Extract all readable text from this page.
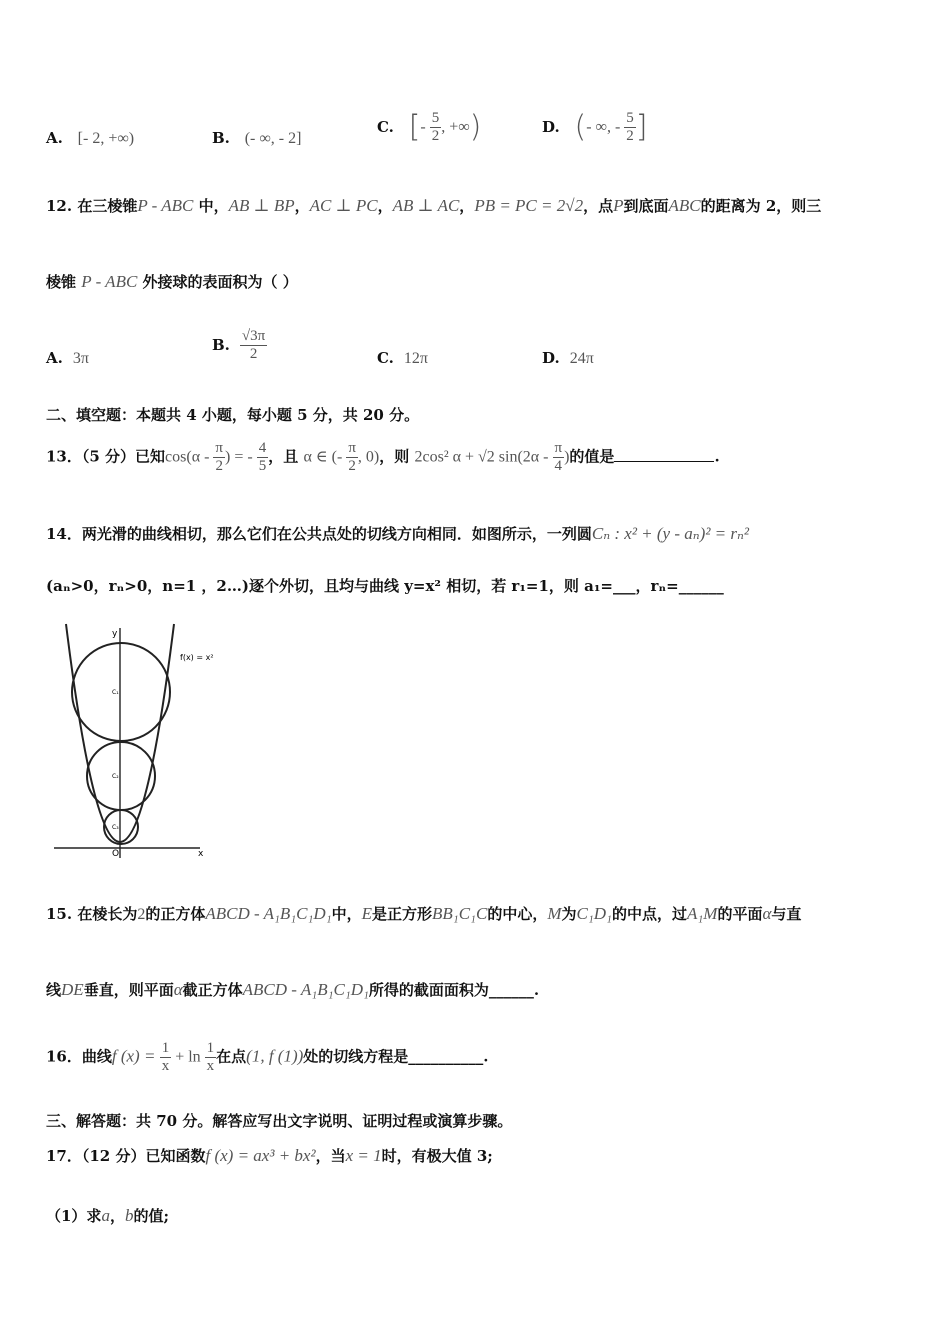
A. [- 2, +∞)	B. (- ∞, - 2]
C. [- $\frac{5}{2}$ , +∞)	D. (- ∞, - $\frac{5}{2}$ ]
12. 在三棱锥P - ABC 中，AB ⊥ BP，AC ⊥ PC，AB ⊥ AC，PB = PC = 2√2，点P到底面ABC的距离为 2，则三
棱锥 P - ABC 外接球的表面积为（ ）
A. 3π
B. $\frac{√3\pi}{2}$	C. 12π	D. 24π
二、填空题：本题共 4 小题，每小题 5 分，共 20 分。
13．（5 分）已知$\cos(\alpha - \frac{\pi}{2}$ ) = - $\frac{4}{5}$ ，且 α ∈ (- $\frac{\pi}{2}$ , 0)，则 2cos² α + √2 $\sin(2\alpha - \frac{\pi}{4}$ )的值是	.
14．两光滑的曲线相切，那么它们在公共点处的切线方向相同．如图所示，一列圆Cₙ : x² + (y - aₙ)² = rₙ²
(aₙ>0，rₙ>0，n=1 ，2…)逐个外切，且均与曲线 y=x² 相切，若 r₁=1，则 a₁=___，rₙ=______
y
x
O
f(x) = x²
C₁
C₂
C₃
15. 在棱长为2的正方体ABCD - A₁B₁C₁D₁中，E是正方形BB₁C₁C的中心，M为C₁D₁的中点，过A₁M的平面α与直
线DE垂直，则平面α截正方体ABCD - A₁B₁C₁D₁所得的截面面积为______.
16．曲线f $(x) = \frac{1}{x} + \ln \frac{1}{x}$ 在点(1, f (1))处的切线方程是__________.
三、解答题：共 70 分。解答应写出文字说明、证明过程或演算步骤。
17．（12 分）已知函数f (x) = ax³ + bx²，当x = 1时，有极大值 3;
（1）求a，b的值;
